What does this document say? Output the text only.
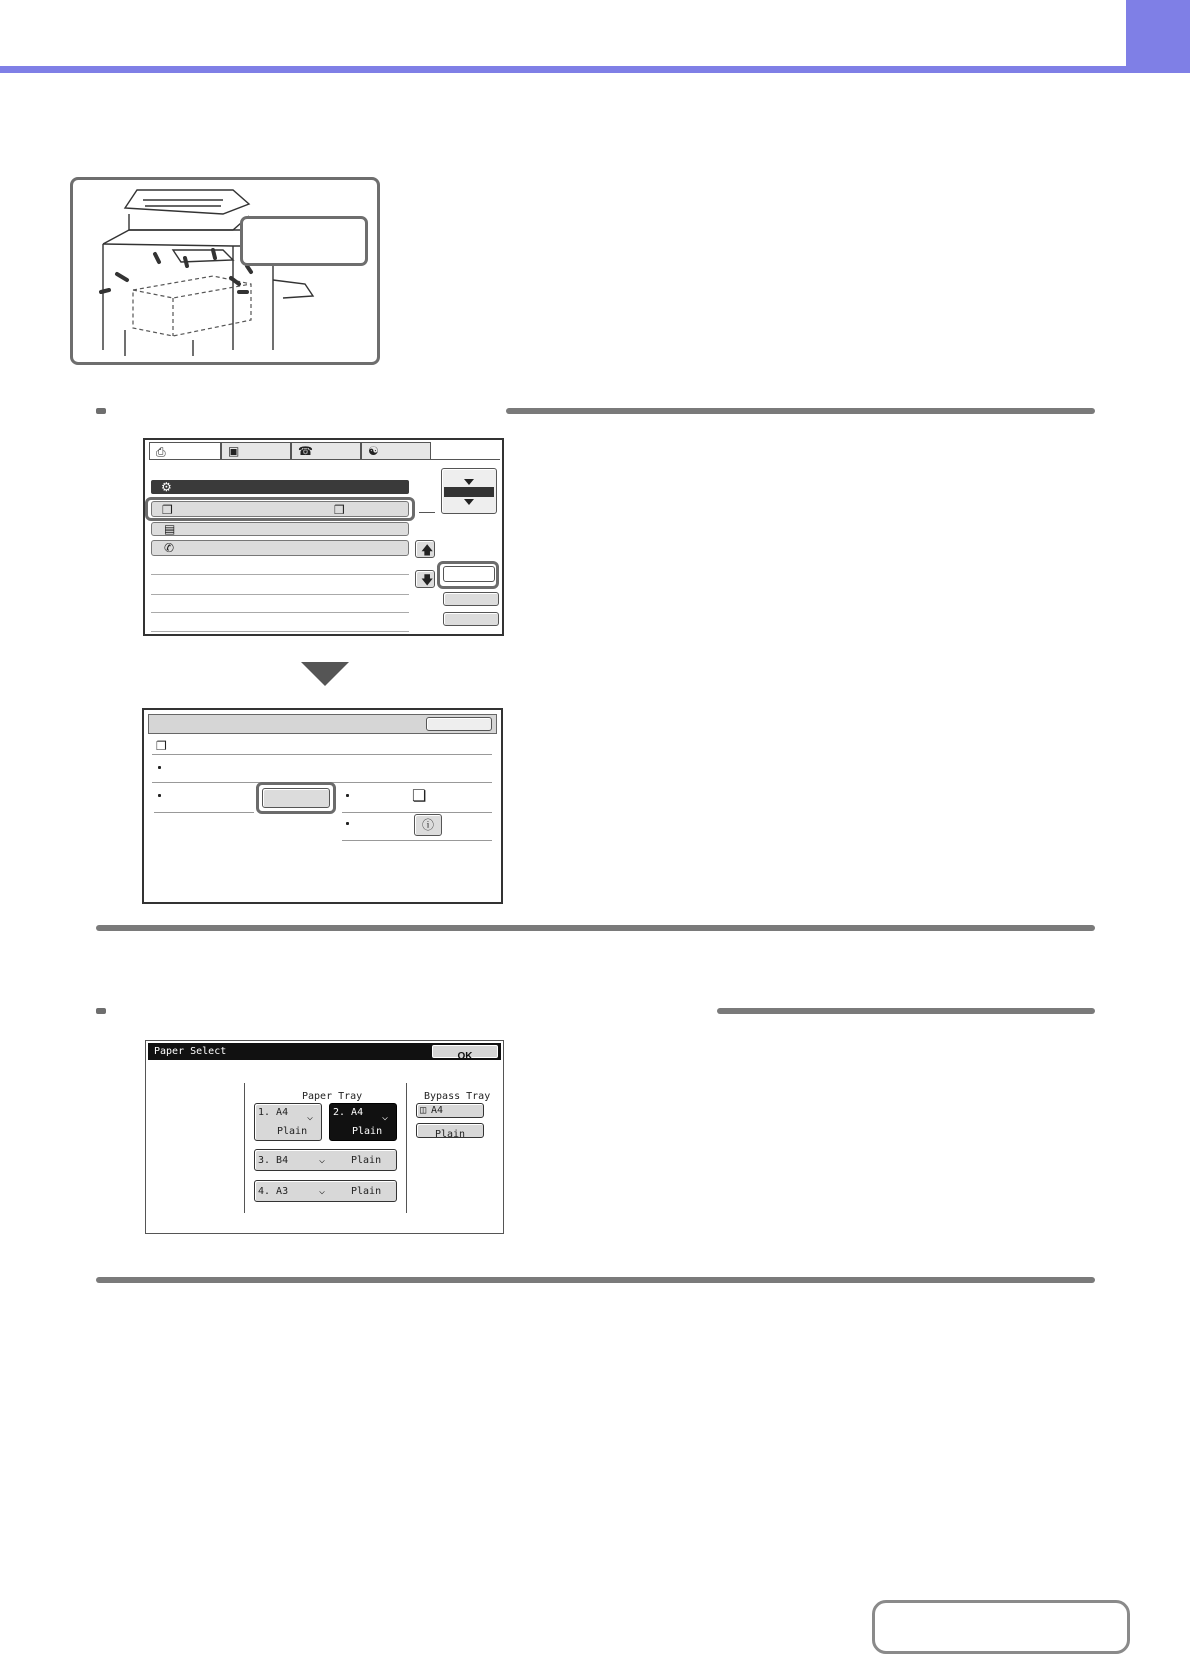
⎙	▣	☎	☯
⚙
❐	❒
▤
✆	🡅
🡇
❐
❏
ⓘ
Paper Select	OK
Paper Tray	Bypass Tray
1. A4 ⌵
Plain
2. A4 ⌵
Plain
3. B4	⌵	Plain
4. A3	⌵	Plain
◫ A4
Plain
